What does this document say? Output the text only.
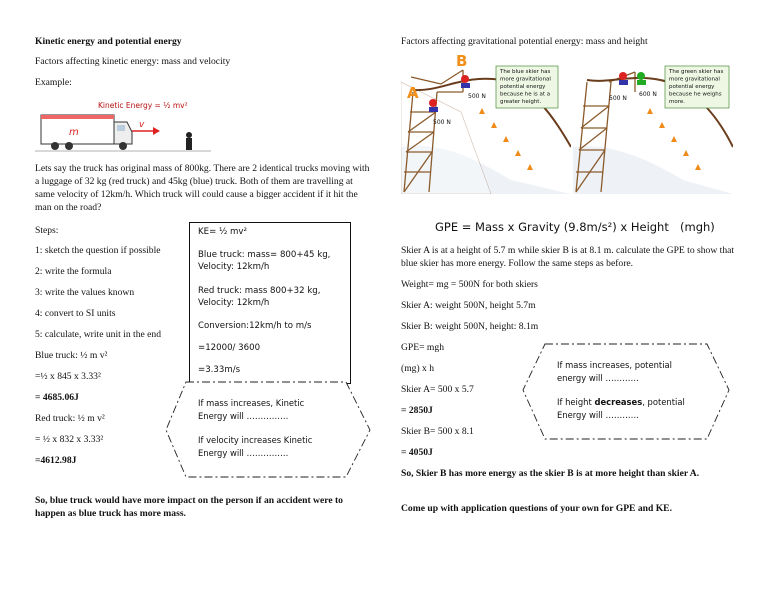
Kinetic energy and potential energy
Factors affecting kinetic energy: mass and velocity
Example:
Kinetic Energy = ½ mv²
m
v
Lets say the truck has original mass of 800kg. There are 2 identical trucks moving with a luggage of 32 kg (red truck) and 45kg (blue) truck. Both of them are travelling at same velocity of 12km/h. Which truck will could cause a bigger accident if it hit the man on the road?
Steps:
1: sketch the question if possible
2: write the formula
3: write the values known
4: convert to SI units
5: calculate, write unit in the end
Blue truck: ½ m v²
=½ x 845 x 3.33²
= 4685.06J
Red truck: ½ m v²
= ½ x 832 x 3.33²
=4612.98J
KE= ½ mv²
Blue truck: mass= 800+45 kg,
Velocity: 12km/h
Red truck: mass 800+32 kg,
Velocity: 12km/h
Conversion:12km/h to m/s
=12000/ 3600
=3.33m/s
If mass increases, Kinetic
Energy will ……………
If velocity increases Kinetic
Energy will ……………
So, blue truck would have more impact on the person if an accident were to happen as blue truck has more mass.
Factors affecting gravitational potential energy: mass and height
A
B
500 N
500 N
The blue skier has
more gravitational
potential energy
because he is at a
greater height.	500 N
600 N
The green skier has
more gravitational
potential energy
because he weighs
more.
GPE = Mass x Gravity (9.8m/s²) x Height (mgh)
Skier A is at a height of 5.7 m while skier B is at 8.1 m. calculate the GPE to show that blue skier has more energy. Follow the same steps as before.
Weight= mg = 500N for both skiers
Skier A: weight 500N, height 5.7m
Skier B: weight 500N, height: 8.1m
GPE= mgh
(mg) x h
Skier A= 500 x 5.7
= 2850J
Skier B= 500 x 8.1
= 4050J
So, Skier B has more energy as the skier B is at more height than skier A.
Come up with application questions of your own for GPE and KE.
If mass increases, potential
energy will …………
If height decreases, potential
Energy will …………
